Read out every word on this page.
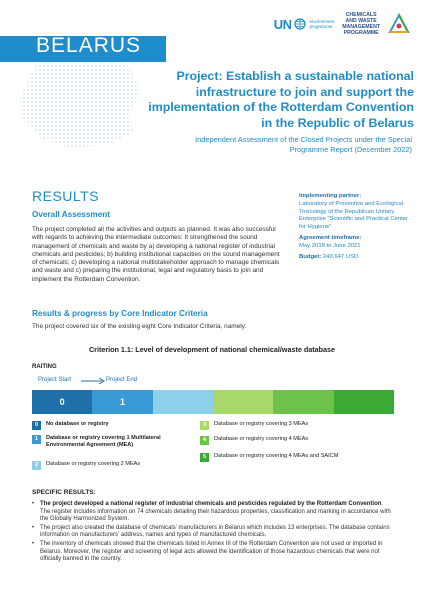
UN	environment
programme
CHEMICALS
AND WASTE
MANAGEMENT
PROGRAMME
BELARUS
Project: Establish a sustainable national infrastructure to join and support the implementation of the Rotterdam Convention in the Republic of Belarus
Independent Assessment of the Closed Projects under the Special Programme Report (December 2022)
RESULTS
Overall Assessment
The project completed all the activities and outputs as planned. It was also successful with regards to achieving the intermediate outcomes: It strengthened the sound management of chemicals and waste by a) developing a national register of industrial chemicals and pesticides; b) building institutional capacities on the sound management of chemicals; c) developing a national multistakeholder approach to manage chemicals and waste and c) preparing the institutional, legal and regulatory basis to join and implement the Rotterdam Convention.
Implementing partner:
Laboratory of Preventive and Ecological Toxicology of the Republican Unitary Enterprise “Scientific and Practical Center for Hygiene”
Agreement timeframe:
May 2018 to June 2021
Budget: 249,647 USD
Results & progress by Core Indicator Criteria
The project covered six of the existing eight Core Indicator Criteria, namely:
Criterion 1.1: Level of development of national chemical/waste database
RAITING
Project Start	Project End
0	1
0	No database or registry
1	Database or registry covering 1 Multilateral Environmental Agreement (MEA)
2	Database or registry covering 2 MEAs
3	Database or registry covering 3 MEAs
4	Database or registry covering 4 MEAs
5	Database or registry covering 4 MEAs and SAICM
SPECIFIC RESULTS:
• The project developed a national register of industrial chemicals and pesticides regulated by the Rotterdam Convention. The register includes information on 74 chemicals detailing their hazardous properties, classification and marking in accordance with the Globally Harmonized System.
• The project also created the database of chemicals' manufacturers in Belarus which includes 13 enterprises. The database contains information on manufacturers' address, names and types of manufactured chemicals.
• The inventory of chemicals showed that the chemicals listed in Annex III of the Rotterdam Convention are not used or imported in Belarus. Moreover, the register and screening of legal acts allowed the identification of those hazardous chemicals that were not officially banned in the country.
